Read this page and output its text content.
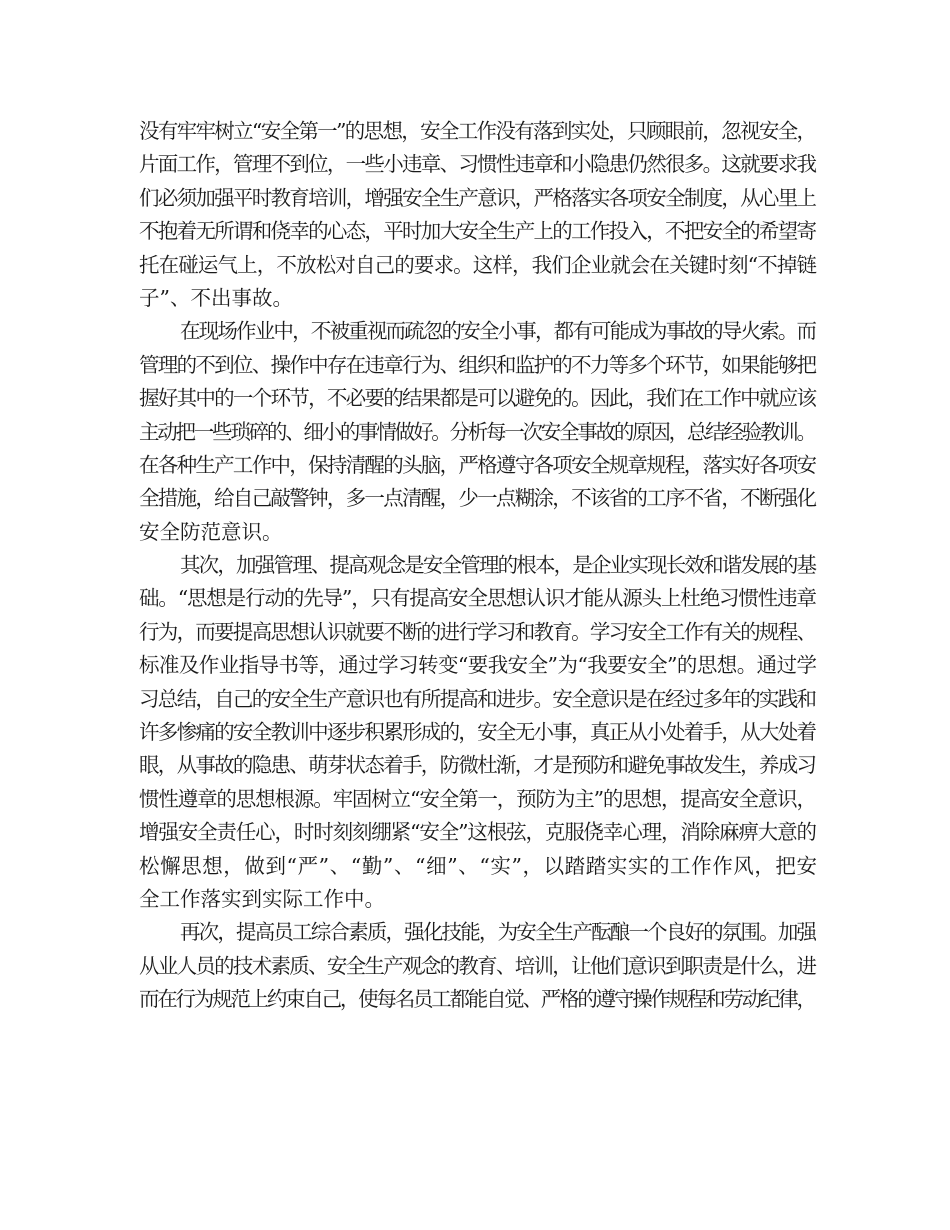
没有牢牢树立“安全第一”的思想，安全工作没有落到实处，只顾眼前，忽视安全，
片面工作，管理不到位，一些小违章、习惯性违章和小隐患仍然很多。这就要求我
们必须加强平时教育培训，增强安全生产意识，严格落实各项安全制度，从心里上
不抱着无所谓和侥幸的心态，平时加大安全生产上的工作投入，不把安全的希望寄
托在碰运气上，不放松对自己的要求。这样，我们企业就会在关键时刻“不掉链
子”、不出事故。
在现场作业中，不被重视而疏忽的安全小事，都有可能成为事故的导火索。而
管理的不到位、操作中存在违章行为、组织和监护的不力等多个环节，如果能够把
握好其中的一个环节，不必要的结果都是可以避免的。因此，我们在工作中就应该
主动把一些琐碎的、细小的事情做好。分析每一次安全事故的原因，总结经验教训。
在各种生产工作中，保持清醒的头脑，严格遵守各项安全规章规程，落实好各项安
全措施，给自己敲警钟，多一点清醒，少一点糊涂，不该省的工序不省，不断强化
安全防范意识。
其次，加强管理、提高观念是安全管理的根本，是企业实现长效和谐发展的基
础。“思想是行动的先导”，只有提高安全思想认识才能从源头上杜绝习惯性违章
行为，而要提高思想认识就要不断的进行学习和教育。学习安全工作有关的规程、
标准及作业指导书等，通过学习转变“要我安全”为“我要安全”的思想。通过学
习总结，自己的安全生产意识也有所提高和进步。安全意识是在经过多年的实践和
许多惨痛的安全教训中逐步积累形成的，安全无小事，真正从小处着手，从大处着
眼，从事故的隐患、萌芽状态着手，防微杜渐，才是预防和避免事故发生，养成习
惯性遵章的思想根源。牢固树立“安全第一，预防为主”的思想，提高安全意识，
增强安全责任心，时时刻刻绷紧“安全”这根弦，克服侥幸心理，消除麻痹大意的
松懈思想，做到“严”、“勤”、“细”、“实”，以踏踏实实的工作作风，把安
全工作落实到实际工作中。
再次，提高员工综合素质，强化技能，为安全生产酝酿一个良好的氛围。加强
从业人员的技术素质、安全生产观念的教育、培训，让他们意识到职责是什么，进
而在行为规范上约束自己，使每名员工都能自觉、严格的遵守操作规程和劳动纪律，
